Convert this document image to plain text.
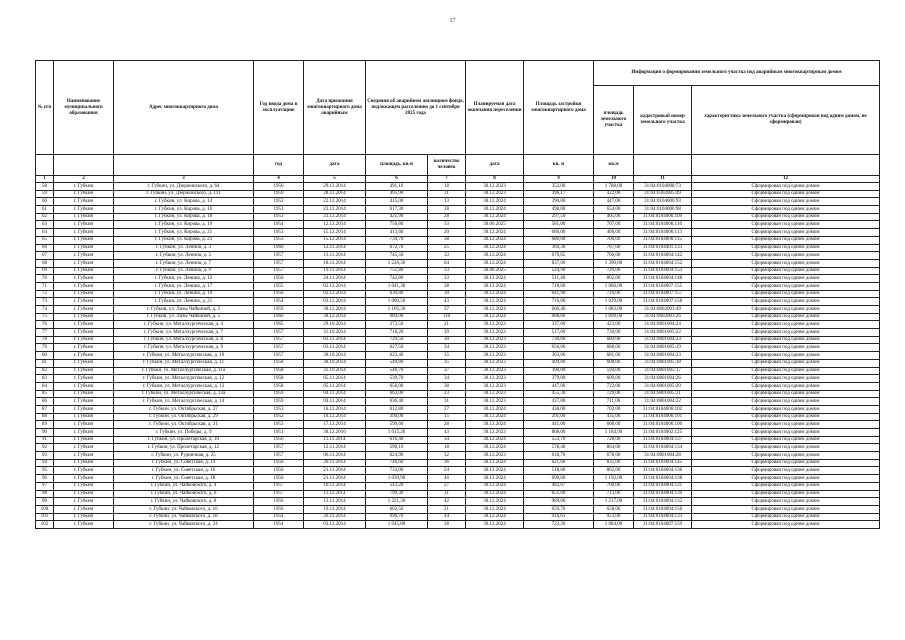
17
№ п/п	Наименование муниципального образования	Адрес многоквартирного дома	Год ввода дома в эксплуатацию	Дата признания многоквартирного дома аварийным	Сведения об аварийном жилищном фонде, подлежащем расселению до 1 сентября 2025 года		Планируемая дата окончания переселения	Площадь застройки многоквартирного дома	Информация о формировании земельного участка под аварийным многоквартирным домом		
									площадь земельного участка	кадастровый номер земельного участка	характеристика земельного участка (сформирован под одним домом, не сформирован)
			год	дата	площадь, кв.м	количество человек	дата	кв. м	кв.м		
1	2	3	4	5	6	7	8	9	10	11	12
58	г. Губкин	г. Губкин, ул. Дзержинского, д. 64	1956	29.12.2014	491,10	18	30.12.2023	352,00	1 788,00	31:04:0104008:73	Сформирован под одним домом
59	г. Губкин	г. Губкин, ул. Дзержинского, д. 111	1959	28.11.2014	495,90	31	30.12.2023	396,17	422,00	31:04:0302005:49	Сформирован под одним домом
60	г. Губкин	г. Губкин, ул. Кирова, д. 14	1952	22.12.2014	415,00	13	30.12.2024	390,00	447,00	31:04:0104006:93	Сформирован под одним домом
61	г. Губкин	г. Губкин, ул. Кирова, д. 16	1953	23.12.2014	617,30	28	30.12.2024	498,00	654,00	31:04:0104006:98	Сформирован под одним домом
62	г. Губкин	г. Губкин, ул. Кирова, д. 18	1953	23.12.2014	421,90	28	30.12.2024	297,50	405,00	31:04:0104006:109	Сформирован под одним домом
63	г. Губкин	г. Губкин, ул. Кирова, д. 19	1954	12.12.2014	750,80	33	30.06.2025	581,00	707,00	31:04:0104006:116	Сформирован под одним домом
64	г. Губкин	г. Губкин, ул. Кирова, д. 21	1953	15.12.2014	413,60	20	30.12.2024	680,00	466,00	31:04:0104006:113	Сформирован под одним домом
65	г. Губкин	г. Губкин, ул. Кирова, д. 23	1953	15.12.2014	734,70	38	30.12.2024	680,00	706,00	31:04:0104006:115	Сформирован под одним домом
66	г. Губкин	г. Губкин, ул. Ленина, д. 3	1960	12.11.2014	672,70	25	30.12.2024	369,30	787,00	31:04:0104401:133	Сформирован под одним домом
67	г. Губкин	г. Губкин, ул. Ленина, д. 5	1957	13.11.2014	745,50	33	30.12.2024	679,65	766,00	31:04:0104004:142	Сформирован под одним домом
68	г. Губкин	г. Губкин, ул. Ленина, д. 7	1957	18.11.2014	1 226,30	64	30.12.2024	837,00	1 390,00	31:04:0104004:152	Сформирован под одним домом
69	г. Губкин	г. Губкин, ул. Ленина, д. 9	1957	19.11.2014	751,80	33	30.06.2025	524,90	720,00	31:04:0104004:153	Сформирован под одним домом
70	г. Губкин	г. Губкин, ул. Ленина, д. 13	1956	24.11.2014	742,80	33	30.12.2024	511,40	802,00	31:04:0104004:148	Сформирован под одним домом
71	г. Губкин	г. Губкин, ул. Ленина, д. 17	1955	02.12.2014	1 041,30	38	30.12.2024	718,00	1 066,00	31:04:0104007:155	Сформирован под одним домом
72	г. Губкин	г. Губкин, ул. Ленина, д. 19	1956	02.12.2014	630,80	30	30.12.2024	641,90	710,00	31:04:0104007:157	Сформирован под одним домом
73	г. Губкин	г. Губкин, ул. Ленина, д. 21	1954	03.12.2014	1 000,50	43	30.12.2024	716,00	1 029,00	31:04:0104007:158	Сформирован под одним домом
74	г. Губкин	г. Губкин, ул. Лизы Чайкиной, д. 3	1959	30.12.2014	1 105,30	37	30.12.2024	666,46	1 083,00	31:04:0602003:49	Сформирован под одним домом
75	г. Губкин	г. Губкин, ул. Лизы Чайкиной, д. 5	1960	30.12.2014	989,00	110	30.12.2024	688,00	1 099,00	31:04:0602003:26	Сформирован под одним домом
76	г. Губкин	г. Губкин, ул. Металлургическая, д. 4	1965	29.10.2014	373,50	21	30.12.2023	337,00	423,00	31:04:0801004:24	Сформирован под одним домом
77	г. Губкин	г. Губкин, ул. Металлургическая, д. 7	1957	31.10.2014	718,20	39	30.12.2023	517,00	736,00	31:04:0801005:22	Сформирован под одним домом
78	г. Губкин	г. Губкин, ул. Металлургическая, д. 8	1957	03.11.2014	729,50	30	30.12.2023	730,00	689,00	31:04:0801004:23	Сформирован под одним домом
79	г. Губкин	г. Губкин, ул. Металлургическая, д. 9	1957	03.11.2014	627,50	34	30.12.2023	656,00	688,00	31:04:0801005:19	Сформирован под одним домом
80	г. Губкин	г. Губкин, ул. Металлургическая, д. 10	1957	30.10.2014	623,40	35	30.12.2023	363,00	681,00	31:04:0801004:23	Сформирован под одним домом
81	г. Губкин	г. Губкин, ул. Металлургическая, д. 11	1958	30.10.2014	549,80	35	30.12.2023	409,00	608,00	31:04:0801005:18	Сформирован под одним домом
82	г. Губкин	г. Губкин, ул. Металлургическая, д. 11а	1958	31.10.2014	546,70	37	30.12.2023	390,00	594,00	31:04:0801005:17	Сформирован под одним домом
83	г. Губкин	г. Губкин, ул. Металлургическая, д. 12	1958	05.11.2014	539,70	34	30.12.2023	379,00	609,00	31:04:0801004:26	Сформирован под одним домом
84	г. Губкин	г. Губкин, ул. Металлургическая, д. 13	1958	05.11.2014	656,00	38	30.12.2023	447,00	722,00	31:04:0801005:20	Сформирован под одним домом
85	г. Губкин	г. Губкин, ул. Металлургическая, д. 13а	1959	04.11.2014	663,00	23	30.12.2023	455,30	729,00	31:04:0801005:21	Сформирован под одним домом
86	г. Губкин	г. Губкин, ул. Металлургическая, д. 14	1959	04.11.2014	636,40	31	30.12.2023	437,00	711,00	31:04:0801004:22	Сформирован под одним домом
87	г. Губкин	г. Губкин, ул. Октябрьская, д. 27	1953	16.12.2014	612,80	27	30.12.2024	438,00	702,00	31:04:0104006:102	Сформирован под одним домом
88	г. Губкин	г. Губкин, ул. Октябрьская, д. 29	1952	16.12.2014	399,00	15	30.12.2024	291,00	435,00	31:04:0104006:101	Сформирован под одним домом
89	г. Губкин	г. Губкин, ул. Октябрьская, д. 31	1953	17.12.2014	599,60	28	30.12.2024	441,00	668,00	31:04:0104006:100	Сформирован под одним домом
90	г. Губкин	г. Губкин, ул. Победы, д. 9	1951	30.12.2016	1 015,20	43	30.12.2023	868,00	1 184,00	31:04:0104002:125	Сформирован под одним домом
91	г. Губкин	г. Губкин, ул. Пролетарская, д. 10	1956	11.11.2014	616,40	34	30.12.2024	553,70	728,00	31:04:0104004:137	Сформирован под одним домом
92	г. Губкин	г. Губкин, ул. Пролетарская, д. 12	1957	12.11.2014	590,10	18	30.12.2024	578,40	864,00	31:04:0104004:134	Сформирован под одним домом
93	г. Губкин	г. Губкин, ул. Рудничная, д. 25	1957	06.11.2014	624,90	32	30.12.2023	618,70	678,00	31:04:0801004:28	Сформирован под одним домом
94	г. Губкин	г. Губкин, ул. Советская, д. 14	1956	20.11.2014	746,60	36	30.12.2024	621,60	835,00	31:04:0104004:145	Сформирован под одним домом
95	г. Губкин	г. Губкин, ул. Советская, д. 16	1956	21.11.2014	733,00	24	30.12.2024	518,60	862,00	31:04:0104004:136	Сформирован под одним домом
96	г. Губкин	г. Губкин, ул. Советская, д. 18	1956	21.11.2014	1 039,90	46	30.12.2024	690,00	1 192,00	31:04:0104004:138	Сформирован под одним домом
97	г. Губкин	г. Губкин, ул. Чайковского, д. 4	1957	10.11.2014	543,20	27	30.12.2024	482,67	760,00	31:04:0104004:131	Сформирован под одним домом
98	г. Губкин	г. Губкин, ул. Чайковского, д. 6	1957	11.11.2014	799,30	31	30.12.2024	651,00	713,00	31:04:0104004:139	Сформирован под одним домом
99	г. Губкин	г. Губкин, ул. Чайковского, д. 8	1956	13.11.2014	1 221,30	42	30.12.2024	989,00	1 217,00	31:04:0104004:132	Сформирован под одним домом
100	г. Губкин	г. Губкин, ул. Чайковского, д. 16	1956	19.11.2014	602,50	21	30.12.2024	659,70	658,00	31:04:0104004:156	Сформирован под одним домом
101	г. Губкин	г. Губкин, ул. Чайковского, д. 18	1954	20.11.2014	996,70	44	30.12.2024	916,61	953,00	31:04:0104004:133	Сформирован под одним домом
102	г. Губкин	г. Губкин, ул. Чайковского, д. 24	1954	03.12.2014	1 045,80	38	30.12.2024	723,20	1 084,00	31:04:0104007:159	Сформирован под одним домом
